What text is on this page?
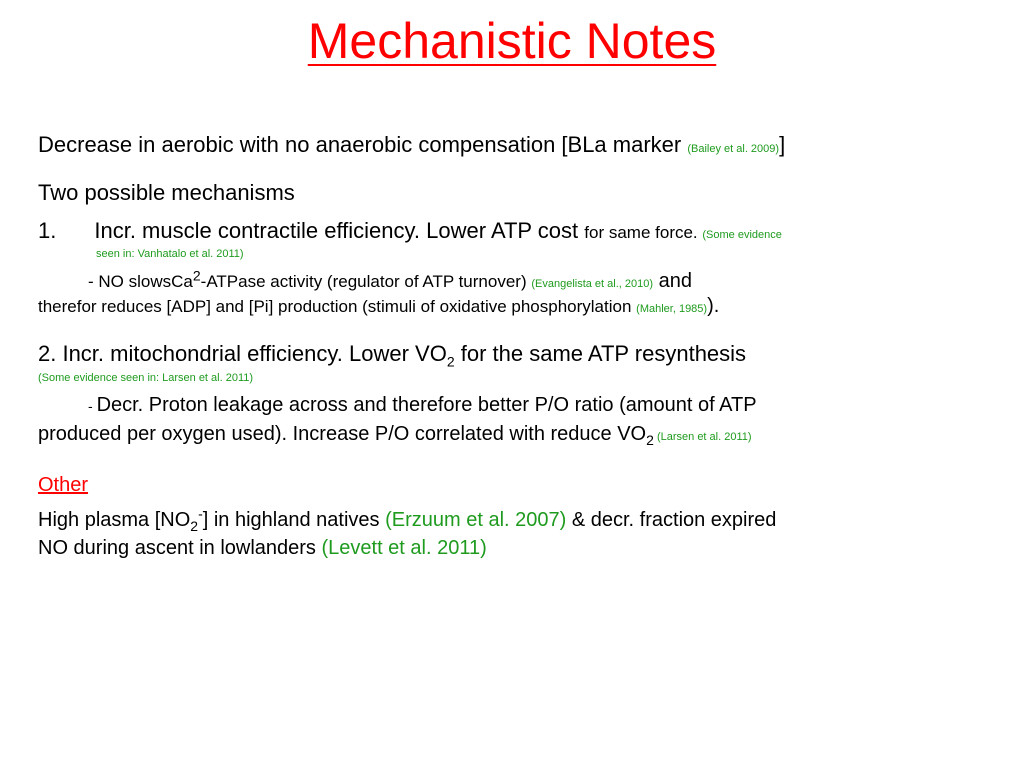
Mechanistic Notes
Decrease in aerobic with no anaerobic compensation [BLa marker (Bailey et al. 2009)]
Two possible mechanisms
1. Incr. muscle contractile efficiency. Lower ATP cost for same force. (Some evidence
seen in: Vanhatalo et al. 2011)
- NO slowsCa$^2$-ATPase activity (regulator of ATP turnover) (Evangelista et al., 2010) and
therefor reduces [ADP] and [Pi] production (stimuli of oxidative phosphorylation (Mahler, 1985)).
2. Incr. mitochondrial efficiency. Lower $VO_2$ for the same ATP resynthesis
(Some evidence seen in: Larsen et al. 2011)
- Decr. Proton leakage across and therefore better P/O ratio (amount of ATP
produced per oxygen used). Increase P/O correlated with reduce $VO_2$ (Larsen et al. 2011)
Other
High plasma $[NO_2^-]$ in highland natives (Erzuum et al. 2007) & decr. fraction expired
NO during ascent in lowlanders (Levett et al. 2011)
